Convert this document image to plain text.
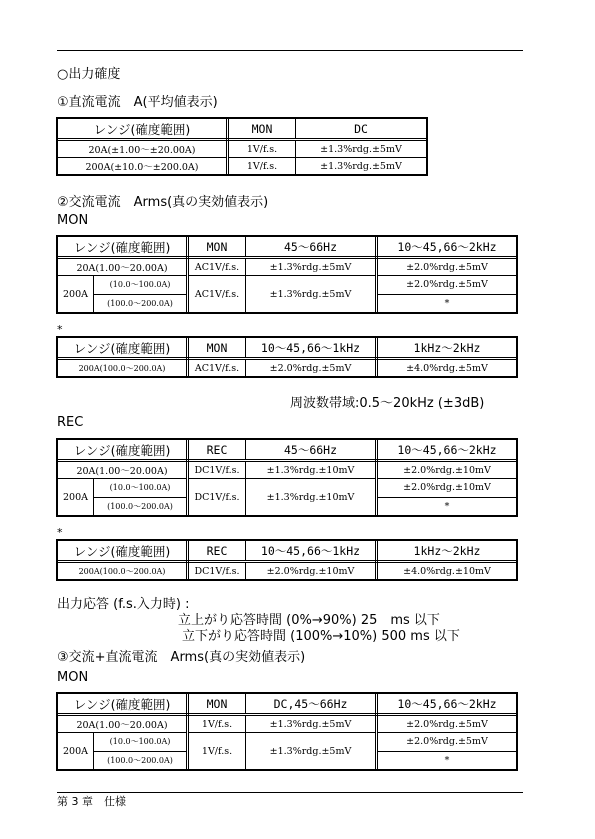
○出力確度
①直流電流　A(平均値表示)
レンジ(確度範囲)	MON	DC
20A(±1.00～±20.00A)	1V/f.s.	±1.3%rdg.±5mV
200A(±10.0～±200.0A)	1V/f.s.	±1.3%rdg.±5mV
②交流電流　Arms(真の実効値表示)
MON
レンジ(確度範囲)		MON	45～66Hz	10～45,66～2kHz
20A(1.00～20.00A)		AC1V/f.s.	±1.3%rdg.±5mV	±2.0%rdg.±5mV
200A	(10.0～100.0A)	AC1V/f.s.	±1.3%rdg.±5mV	±2.0%rdg.±5mV
	(100.0～200.0A)			*
*
レンジ(確度範囲)	MON	10～45,66～1kHz	1kHz～2kHz
200A(100.0～200.0A)	AC1V/f.s.	±2.0%rdg.±5mV	±4.0%rdg.±5mV
周波数帯域:0.5～20kHz (±3dB)
REC
レンジ(確度範囲)		REC	45～66Hz	10～45,66～2kHz
20A(1.00～20.00A)		DC1V/f.s.	±1.3%rdg.±10mV	±2.0%rdg.±10mV
200A	(10.0～100.0A)	DC1V/f.s.	±1.3%rdg.±10mV	±2.0%rdg.±10mV
	(100.0～200.0A)			*
*
レンジ(確度範囲)	REC	10～45,66～1kHz	1kHz～2kHz
200A(100.0～200.0A)	DC1V/f.s.	±2.0%rdg.±10mV	±4.0%rdg.±10mV
出力応答 (f.s.入力時) :
立上がり応答時間 (0%→90%) 25　ms 以下
立下がり応答時間 (100%→10%) 500 ms 以下
③交流+直流電流　Arms(真の実効値表示)
MON
レンジ(確度範囲)		MON	DC,45～66Hz	10～45,66～2kHz
20A(1.00～20.00A)		1V/f.s.	±1.3%rdg.±5mV	±2.0%rdg.±5mV
200A	(10.0～100.0A)	1V/f.s.	±1.3%rdg.±5mV	±2.0%rdg.±5mV
	(100.0～200.0A)			*
第 3 章　仕様
